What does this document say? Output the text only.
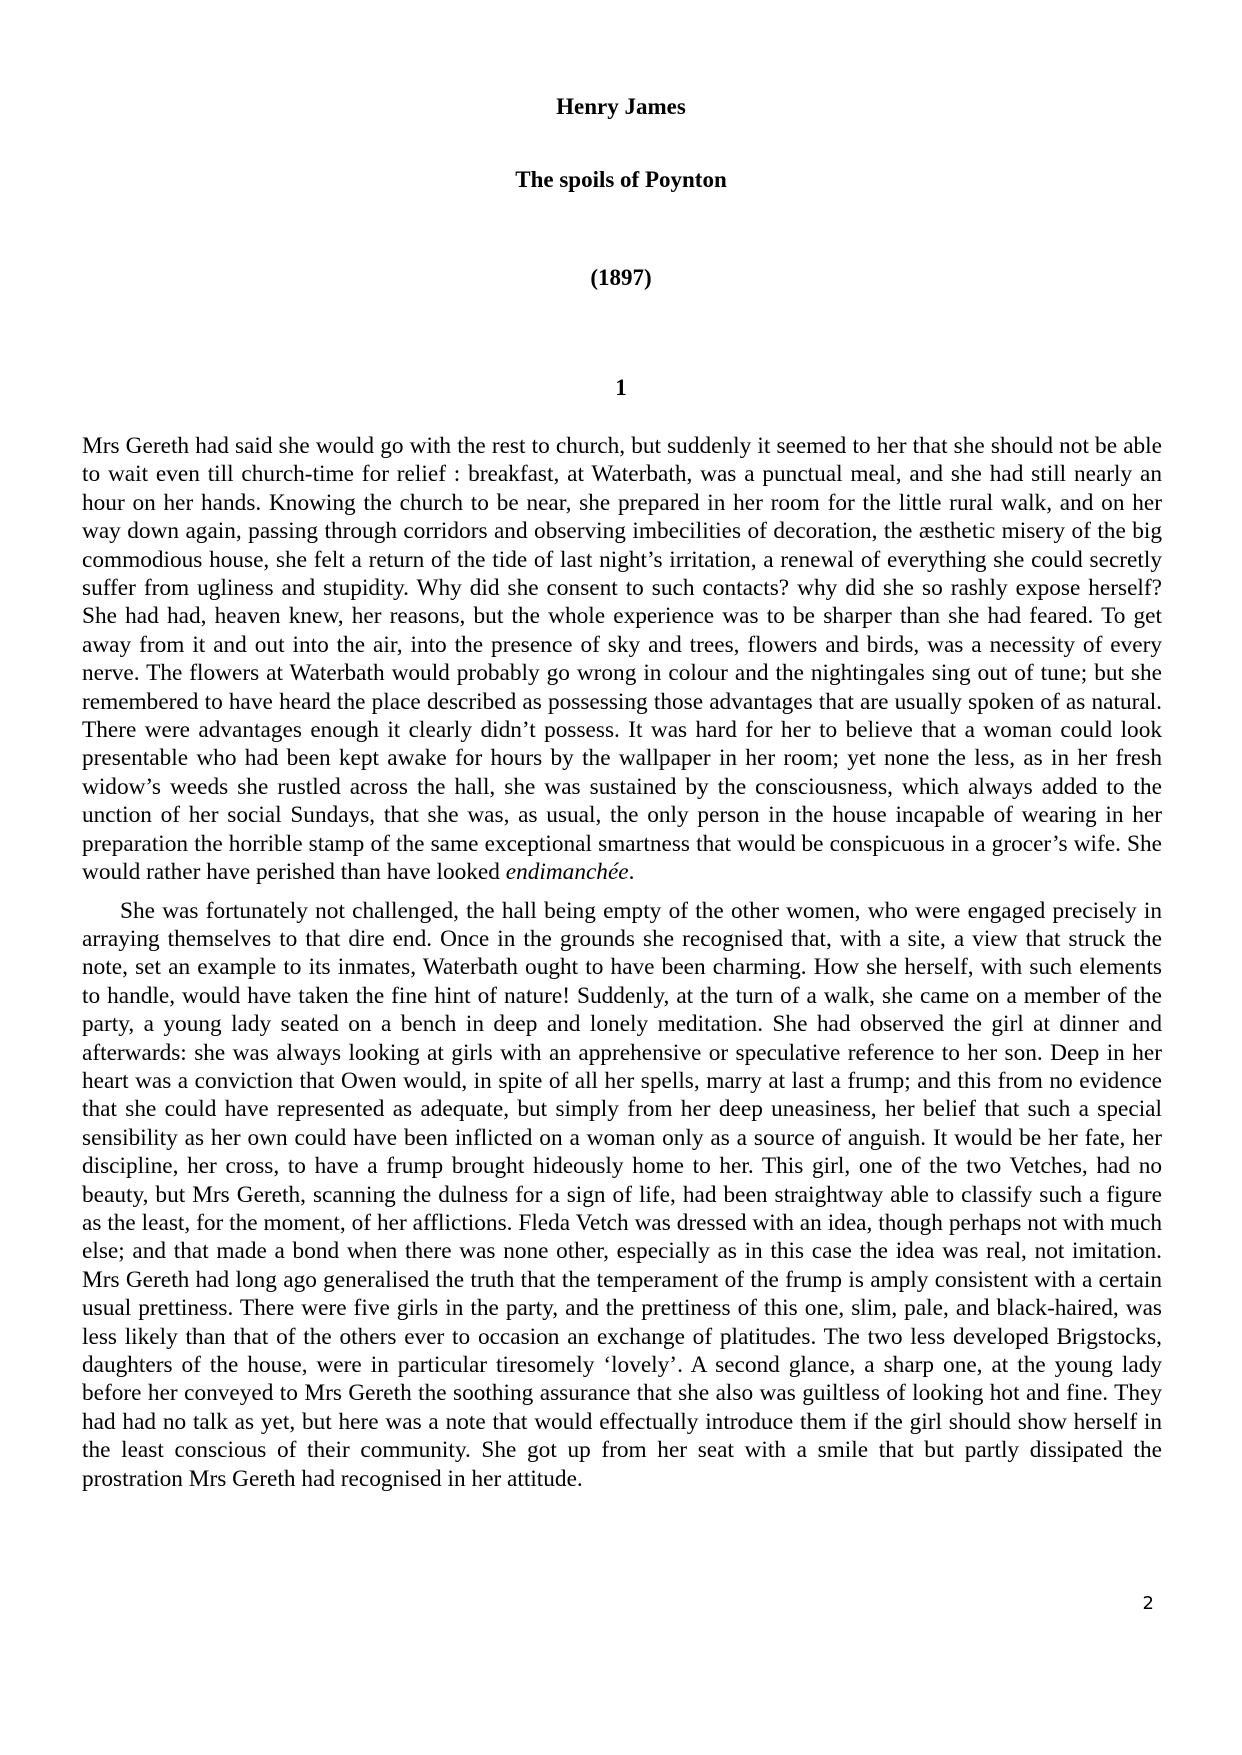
Henry James
The spoils of Poynton
(1897)
1

Mrs Gereth had said she would go with the rest to church, but suddenly it seemed to her that she should not be able to wait even till church-time for relief : breakfast, at Waterbath, was a punctual meal, and she had still nearly an hour on her hands. Knowing the church to be near, she prepared in her room for the little rural walk, and on her way down again, passing through corridors and observing imbecilities of decoration, the æsthetic misery of the big commodious house, she felt a return of the tide of last night’s irritation, a renewal of everything she could secretly suffer from ugliness and stupidity. Why did she consent to such contacts? why did she so rashly expose herself? She had had, heaven knew, her reasons, but the whole experience was to be sharper than she had feared. To get away from it and out into the air, into the presence of sky and trees, flowers and birds, was a necessity of every nerve. The flowers at Waterbath would probably go wrong in colour and the nightingales sing out of tune; but she remembered to have heard the place described as possessing those advantages that are usually spoken of as natural. There were advantages enough it clearly didn’t possess. It was hard for her to believe that a woman could look presentable who had been kept awake for hours by the wallpaper in her room; yet none the less, as in her fresh widow’s weeds she rustled across the hall, she was sustained by the consciousness, which always added to the unction of her social Sundays, that she was, as usual, the only person in the house incapable of wearing in her preparation the horrible stamp of the same exceptional smartness that would be conspicuous in a grocer’s wife. She would rather have perished than have looked endimanchée.

She was fortunately not challenged, the hall being empty of the other women, who were engaged precisely in arraying themselves to that dire end. Once in the grounds she recognised that, with a site, a view that struck the note, set an example to its inmates, Waterbath ought to have been charming. How she herself, with such elements to handle, would have taken the fine hint of nature! Suddenly, at the turn of a walk, she came on a member of the party, a young lady seated on a bench in deep and lonely meditation. She had observed the girl at dinner and afterwards: she was always looking at girls with an apprehensive or speculative reference to her son. Deep in her heart was a conviction that Owen would, in spite of all her spells, marry at last a frump; and this from no evidence that she could have represented as adequate, but simply from her deep uneasiness, her belief that such a special sensibility as her own could have been inflicted on a woman only as a source of anguish. It would be her fate, her discipline, her cross, to have a frump brought hideously home to her. This girl, one of the two Vetches, had no beauty, but Mrs Gereth, scanning the dulness for a sign of life, had been straightway able to classify such a figure as the least, for the moment, of her afflictions. Fleda Vetch was dressed with an idea, though perhaps not with much else; and that made a bond when there was none other, especially as in this case the idea was real, not imitation. Mrs Gereth had long ago generalised the truth that the temperament of the frump is amply consistent with a certain usual prettiness. There were five girls in the party, and the prettiness of this one, slim, pale, and black-haired, was less likely than that of the others ever to occasion an exchange of platitudes. The two less developed Brigstocks, daughters of the house, were in particular tiresomely ‘lovely’. A second glance, a sharp one, at the young lady before her conveyed to Mrs Gereth the soothing assurance that she also was guiltless of looking hot and fine. They had had no talk as yet, but here was a note that would effectually introduce them if the girl should show herself in the least conscious of their community. She got up from her seat with a smile that but partly dissipated the prostration Mrs Gereth had recognised in her attitude.

2
